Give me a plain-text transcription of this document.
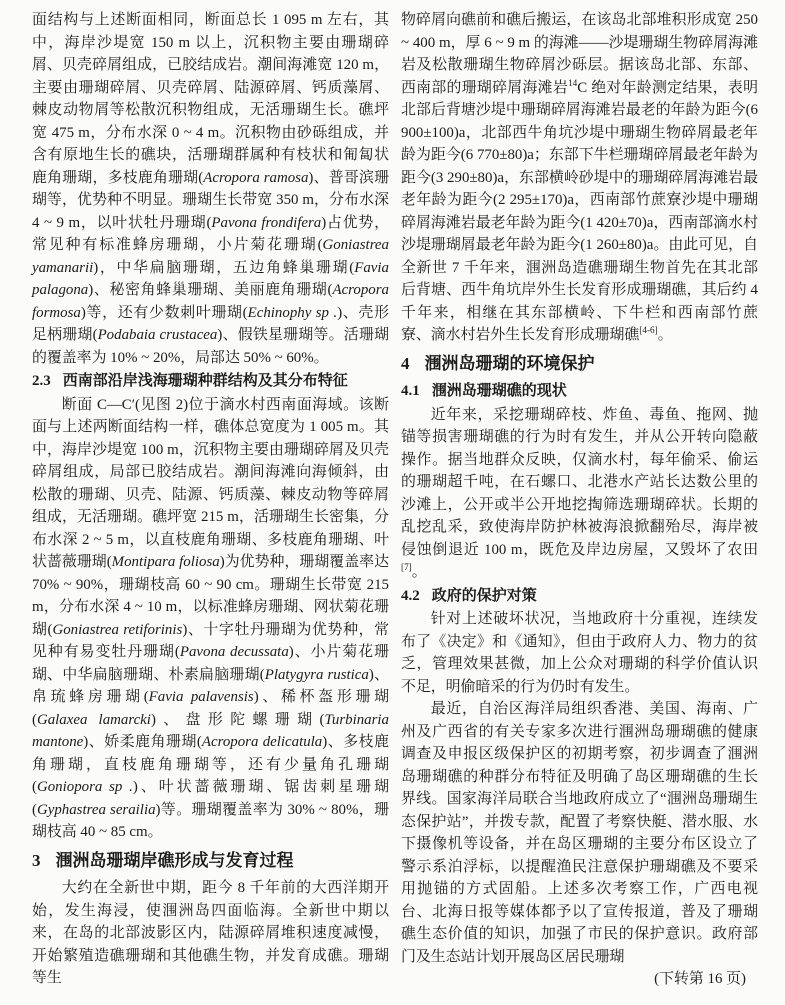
面结构与上述断面相同，断面总长 1 095 m 左右，其中，海岸沙堤宽 150 m 以上，沉积物主要由珊瑚碎屑、贝壳碎屑组成，已胶结成岩。潮间海滩宽 120 m，主要由珊瑚碎屑、贝壳碎屑、陆源碎屑、钙质藻屑、棘皮动物屑等松散沉积物组成，无活珊瑚生长。礁坪宽 475 m，分布水深 0 ~ 4 m。沉积物由砂砾组成，并含有原地生长的礁块，活珊瑚群属种有枝状和匍匐状鹿角珊瑚，多枝鹿角珊瑚(Acropora ramosa)、普哥滨珊瑚等，优势种不明显。珊瑚生长带宽 350 m，分布水深 4 ~ 9 m，以叶状牡丹珊瑚(Pavona frondifera)占优势，常见种有标准蜂房珊瑚，小片菊花珊瑚(Goniastrea yamanarii)，中华扁脑珊瑚，五边角蜂巢珊瑚(Favia palagona)、秘密角蜂巢珊瑚、美丽鹿角珊瑚(Acropora formosa)等，还有少数刺叶珊瑚(Echinophy sp .)、壳形足柄珊瑚(Podabaia crustacea)、假铁星珊瑚等。活珊瑚的覆盖率为 10% ~ 20%，局部达 50% ~ 60%。

2.3 西南部沿岸浅海珊瑚种群结构及其分布特征

断面 C—C′(见图 2)位于滴水村西南面海域。该断面与上述两断面结构一样，礁体总宽度为 1 005 m。其中，海岸沙堤宽 100 m，沉积物主要由珊瑚碎屑及贝壳碎屑组成，局部已胶结成岩。潮间海滩向海倾斜，由松散的珊瑚、贝壳、陆源、钙质藻、棘皮动物等碎屑组成，无活珊瑚。礁坪宽 215 m，活珊瑚生长密集，分布水深 2 ~ 5 m，以直枝鹿角珊瑚、多枝鹿角珊瑚、叶状蔷薇珊瑚(Montipara foliosa)为优势种，珊瑚覆盖率达 70% ~ 90%，珊瑚枝高 60 ~ 90 cm。珊瑚生长带宽 215 m，分布水深 4 ~ 10 m，以标准蜂房珊瑚、网状菊花珊瑚(Goniastrea retiforinis)、十字牡丹珊瑚为优势种，常见种有易变牡丹珊瑚(Pavona decussata)、小片菊花珊瑚、中华扁脑珊瑚、朴素扁脑珊瑚(Platygyra rustica)、帛琉蜂房珊瑚(Favia palavensis)、稀杯盔形珊瑚(Galaxea lamarcki)、盘形陀螺珊瑚(Turbinaria mantone)、娇柔鹿角珊瑚(Acropora delicatula)、多枝鹿角珊瑚，直枝鹿角珊瑚等，还有少量角孔珊瑚(Goniopora sp .)、叶状蔷薇珊瑚、锯齿刺星珊瑚(Gyphastrea serailia)等。珊瑚覆盖率为 30% ~ 80%，珊瑚枝高 40 ~ 85 cm。

3 涠洲岛珊瑚岸礁形成与发育过程

大约在全新世中期，距今 8 千年前的大西洋期开始，发生海浸，使涠洲岛四面临海。全新世中期以来，在岛的北部波影区内，陆源碎屑堆积速度减慢，开始繁殖造礁珊瑚和其他礁生物，并发育成礁。珊瑚等生

物碎屑向礁前和礁后搬运，在该岛北部堆积形成宽 250 ~ 400 m，厚 6 ~ 9 m 的海滩——沙堤珊瑚生物碎屑海滩岩及松散珊瑚生物碎屑沙砾层。据该岛北部、东部、西南部的珊瑚碎屑海滩岩$^{14}$C 绝对年龄测定结果，表明北部后背塘沙堤中珊瑚碎屑海滩岩最老的年龄为距今(6 900±100)a，北部西牛角坑沙堤中珊瑚生物碎屑最老年龄为距今(6 770±80)a；东部下牛栏珊瑚碎屑最老年龄为距今(3 290±80)a，东部横岭砂堤中的珊瑚碎屑海滩岩最老年龄为距今(2 295±170)a，西南部竹蔗寮沙堤中珊瑚碎屑海滩岩最老年龄为距今(1 420±70)a，西南部滴水村沙堤珊瑚屑最老年龄为距今(1 260±80)a。由此可见，自全新世 7 千年来，涠洲岛造礁珊瑚生物首先在其北部后背塘、西牛角坑岸外生长发育形成珊瑚礁，其后约 4 千年来，相继在其东部横岭、下牛栏和西南部竹蔗寮、滴水村岩外生长发育形成珊瑚礁[4-6]。

4 涠洲岛珊瑚的环境保护
4.1 涠洲岛珊瑚礁的现状

近年来，采挖珊瑚碎枝、炸鱼、毒鱼、拖网、抛锚等损害珊瑚礁的行为时有发生，并从公开转向隐蔽操作。据当地群众反映，仅滴水村，每年偷采、偷运的珊瑚超千吨，在石螺口、北港水产站长达数公里的沙滩上，公开或半公开地挖掏筛选珊瑚碎状。长期的乱挖乱采，致使海岸防护林被海浪掀翻殆尽，海岸被侵蚀倒退近 100 m，既危及岸边房屋，又毁坏了农田[7]。

4.2 政府的保护对策

针对上述破坏状况，当地政府十分重视，连续发布了《决定》和《通知》，但由于政府人力、物力的贫乏，管理效果甚微，加上公众对珊瑚的科学价值认识不足，明偷暗采的行为仍时有发生。

最近，自治区海洋局组织香港、美国、海南、广州及广西省的有关专家多次进行涠洲岛珊瑚礁的健康调查及申报区级保护区的初期考察，初步调查了涠洲岛珊瑚礁的种群分布特征及明确了岛区珊瑚礁的生长界线。国家海洋局联合当地政府成立了“涠洲岛珊瑚生态保护站”，并拨专款，配置了考察快艇、潜水服、水下摄像机等设备，并在岛区珊瑚的主要分布区设立了警示系泊浮标，以提醒渔民注意保护珊瑚礁及不要采用抛锚的方式固船。上述多次考察工作，广西电视台、北海日报等媒体都予以了宣传报道，普及了珊瑚礁生态价值的知识，加强了市民的保护意识。政府部门及生态站计划开展岛区居民珊瑚

(下转第 16 页)
